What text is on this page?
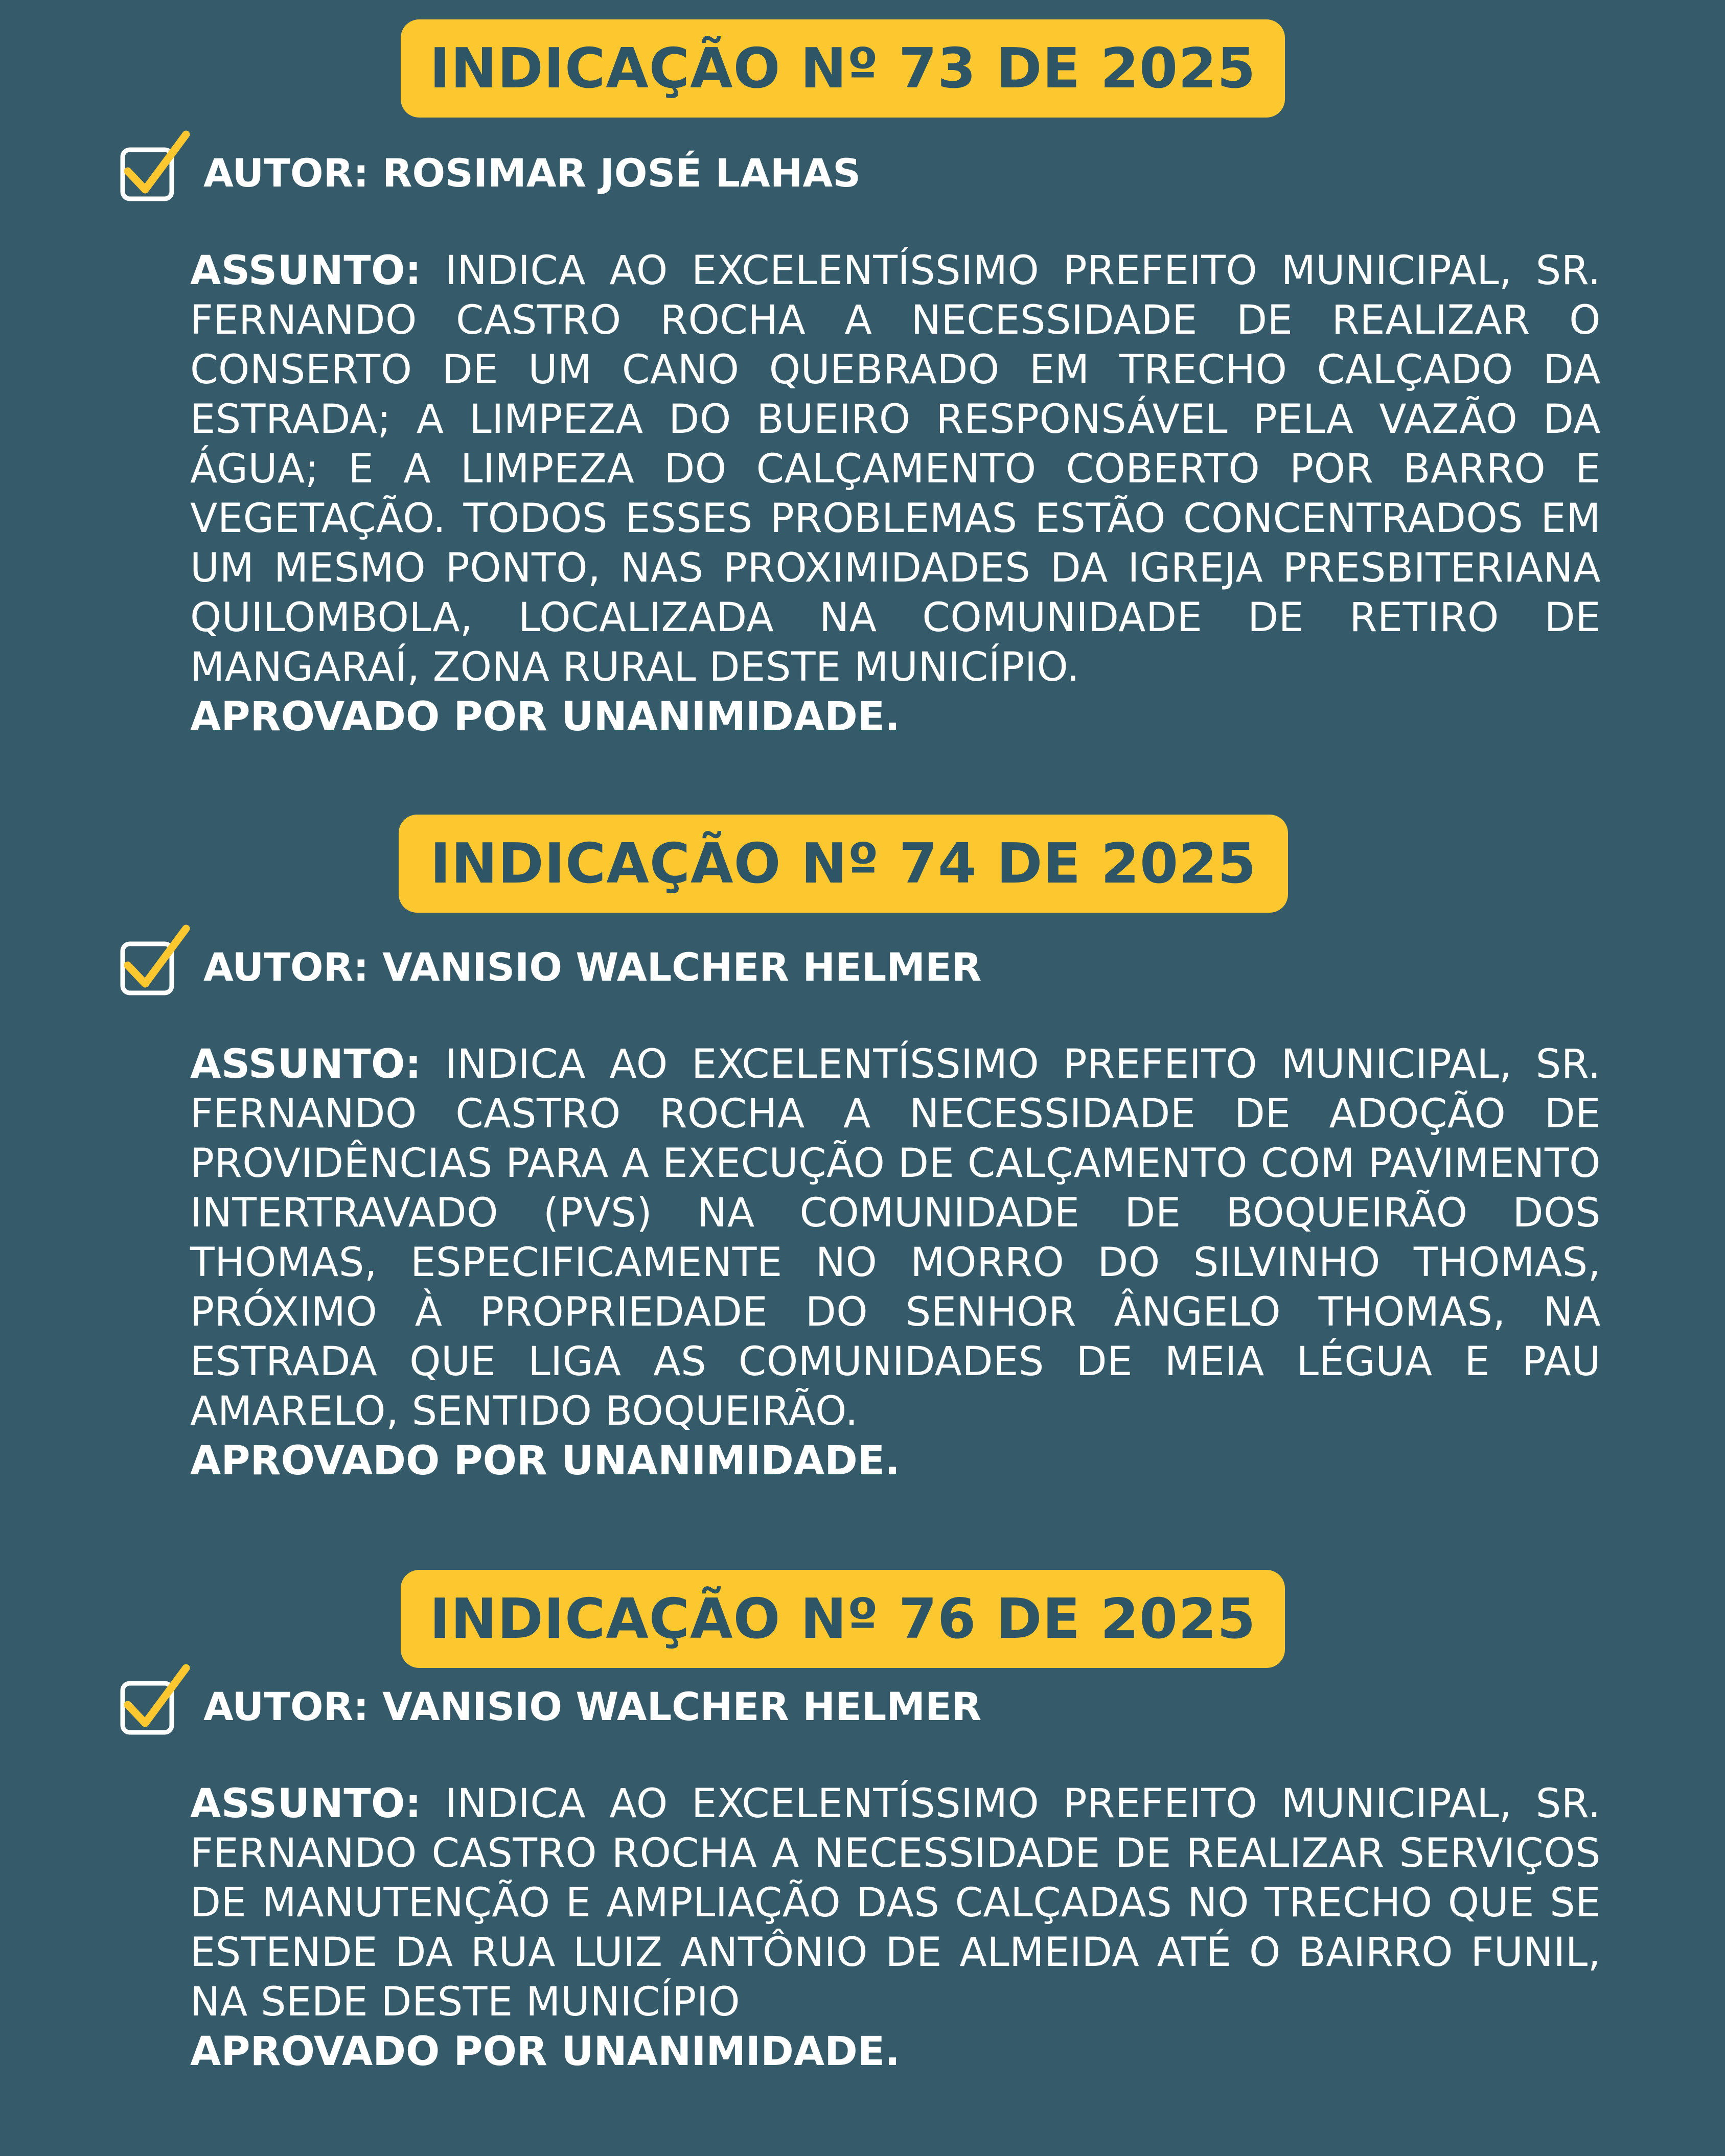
INDICAÇÃO Nº 73 DE 2025
AUTOR: ROSIMAR JOSÉ LAHAS

ASSUNTO: INDICA AO EXCELENTÍSSIMO PREFEITO MUNICIPAL, SR. FERNANDO CASTRO ROCHA A NECESSIDADE DE REALIZAR O CONSERTO DE UM CANO QUEBRADO EM TRECHO CALÇADO DA ESTRADA; A LIMPEZA DO BUEIRO RESPONSÁVEL PELA VAZÃO DA ÁGUA; E A LIMPEZA DO CALÇAMENTO COBERTO POR BARRO E VEGETAÇÃO. TODOS ESSES PROBLEMAS ESTÃO CONCENTRADOS EM UM MESMO PONTO, NAS PROXIMIDADES DA IGREJA PRESBITERIANA QUILOMBOLA, LOCALIZADA NA COMUNIDADE DE RETIRO DE MANGARAÍ, ZONA RURAL DESTE MUNICÍPIO.

APROVADO POR UNANIMIDADE.

INDICAÇÃO Nº 74 DE 2025
AUTOR: VANISIO WALCHER HELMER

ASSUNTO: INDICA AO EXCELENTÍSSIMO PREFEITO MUNICIPAL, SR. FERNANDO CASTRO ROCHA A NECESSIDADE DE ADOÇÃO DE PROVIDÊNCIAS PARA A EXECUÇÃO DE CALÇAMENTO COM PAVIMENTO INTERTRAVADO (PVS) NA COMUNIDADE DE BOQUEIRÃO DOS THOMAS, ESPECIFICAMENTE NO MORRO DO SILVINHO THOMAS, PRÓXIMO À PROPRIEDADE DO SENHOR ÂNGELO THOMAS, NA ESTRADA QUE LIGA AS COMUNIDADES DE MEIA LÉGUA E PAU AMARELO, SENTIDO BOQUEIRÃO.

APROVADO POR UNANIMIDADE.

INDICAÇÃO Nº 76 DE 2025
AUTOR: VANISIO WALCHER HELMER

ASSUNTO: INDICA AO EXCELENTÍSSIMO PREFEITO MUNICIPAL, SR. FERNANDO CASTRO ROCHA A NECESSIDADE DE REALIZAR SERVIÇOS DE MANUTENÇÃO E AMPLIAÇÃO DAS CALÇADAS NO TRECHO QUE SE ESTENDE DA RUA LUIZ ANTÔNIO DE ALMEIDA ATÉ O BAIRRO FUNIL, NA SEDE DESTE MUNICÍPIO

APROVADO POR UNANIMIDADE.
